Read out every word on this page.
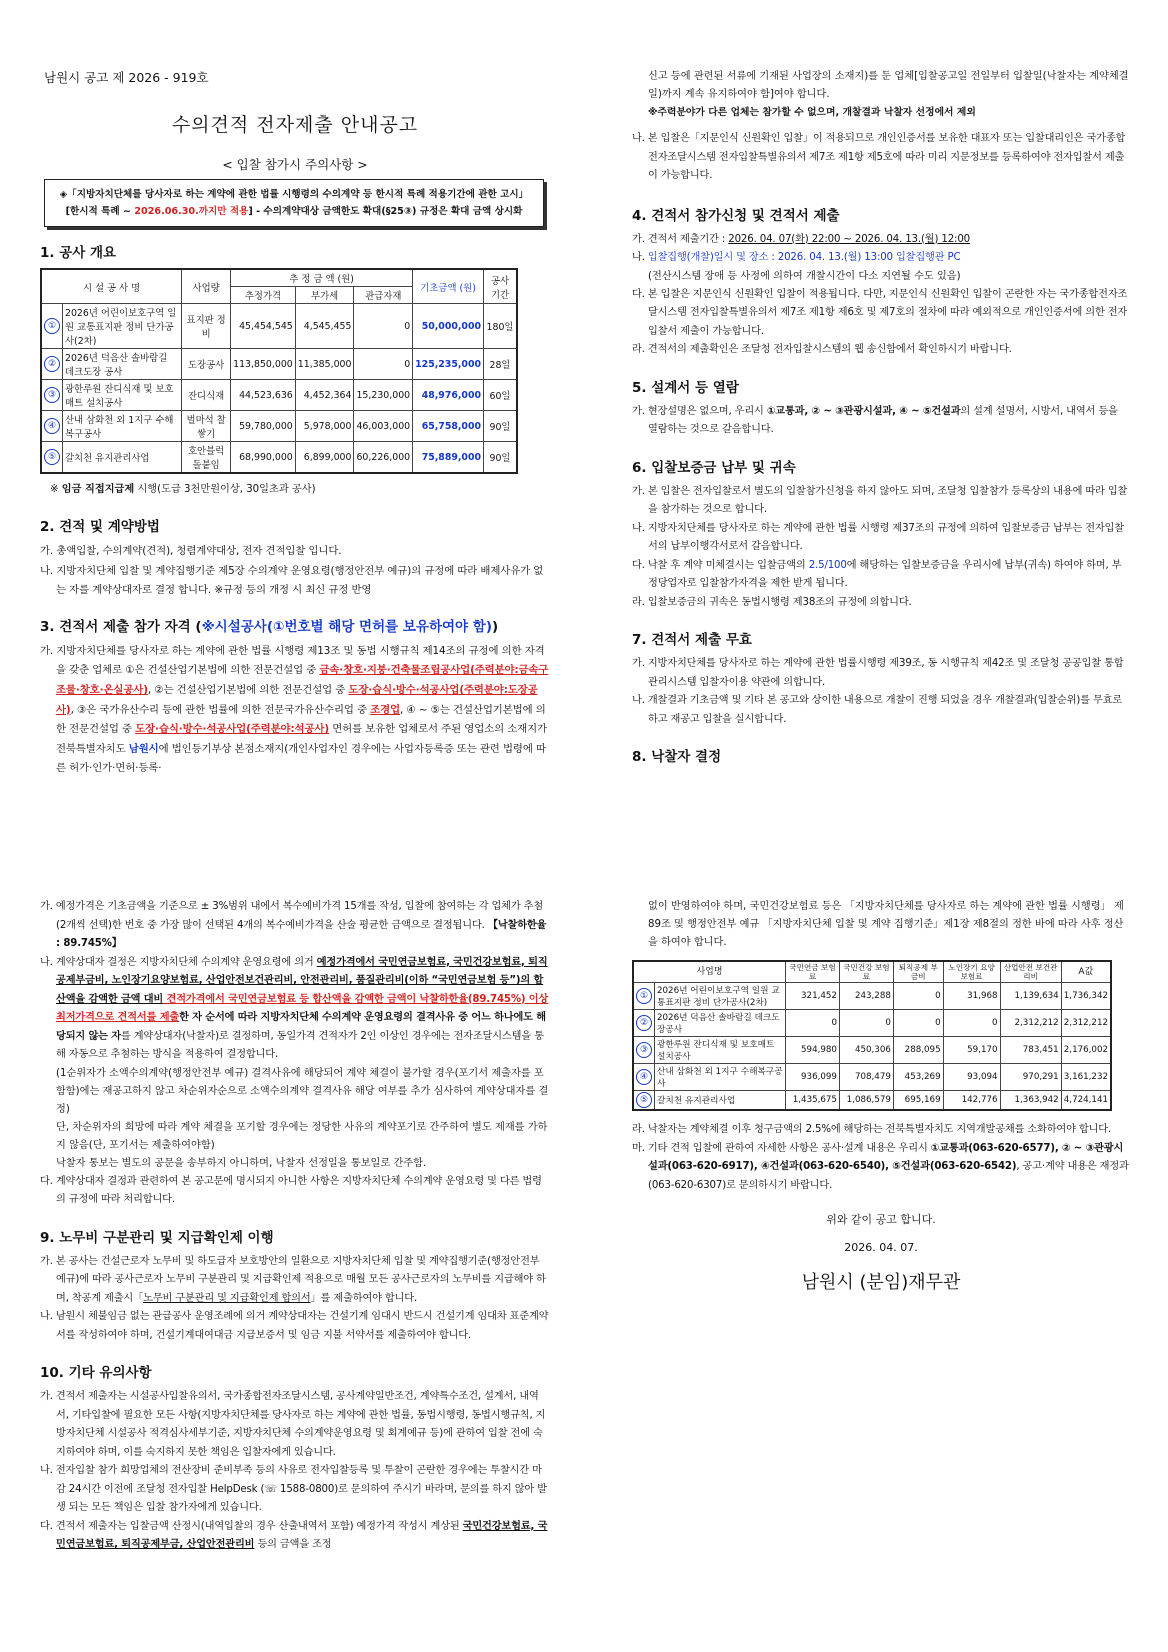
남원시 공고 제 2026 - 919호
수의견적 전자제출 안내공고
< 입찰 참가시 주의사항 >
◈「지방자치단체를 당사자로 하는 계약에 관한 법률 시행령의 수의계약 등 한시적 특례 적용기간에 관한 고시」
[한시적 특례 ~ 2026.06.30.까지만 적용] - 수의계약대상 금액한도 확대(§25③) 규정은 확대 금액 상시화
1. 공사 개요
시 설 공 사 명		사업량	추 정 금 액 (원)			기초금액 (원)	공사 기간
			추정가격	부가세	관급자재		
①	2026년 어린이보호구역 일원 교통표지판 정비 단가공사(2차)	표지판 정비	45,454,545	4,545,455	0	50,000,000	180일
②	2026년 덕음산 솔바람길 데크도장 공사	도장공사	113,850,000	11,385,000	0	125,235,000	28일
③	광한루원 잔디식재 및 보호매트 설치공사	잔디식재	44,523,636	4,452,364	15,230,000	48,976,000	60일
④	산내 삼화천 외 1지구 수해복구공사	벌마석 찰쌓기	59,780,000	5,978,000	46,003,000	65,758,000	90일
⑤	갈치천 유지관리사업	호안블럭 돌붙임	68,990,000	6,899,000	60,226,000	75,889,000	90일
※ 임금 직접지급제 시행(도급 3천만원이상, 30일초과 공사)
2. 견적 및 계약방법

가. 총액입찰, 수의계약(견적), 청렴계약대상, 전자 견적입찰 입니다.

나. 지방자치단체 입찰 및 계약집행기준 제5장 수의계약 운영요령(행정안전부 예규)의 규정에 따라 배제사유가 없는 자를 계약상대자로 결정 합니다. ※규정 등의 개정 시 최신 규정 반영

3. 견적서 제출 참가 자격 (※시설공사(①번호별 해당 면허를 보유하여야 함))

가. 지방자치단체를 당사자로 하는 계약에 관한 법률 시행령 제13조 및 동법 시행규칙 제14조의 규정에 의한 자격을 갖춘 업체로 ①은 건설산업기본법에 의한 전문건설업 중 금속·창호·지붕·건축물조립공사업(주력분야:금속구조물·창호·온실공사), ②는 건설산업기본법에 의한 전문건설업 중 도장·습식·방수·석공사업(주력분야:도장공사), ③은 국가유산수리 등에 관한 법률에 의한 전문국가유산수리업 중 조경업, ④ ~ ⑤는 건설산업기본법에 의한 전문건설업 중 도장·습식·방수·석공사업(주력분야:석공사) 면허를 보유한 업체로서 주된 영업소의 소재지가 전북특별자치도 남원시에 법인등기부상 본점소재지(개인사업자인 경우에는 사업자등록증 또는 관련 법령에 따른 허가·인가·면허·등록·

신고 등에 관련된 서류에 기재된 사업장의 소재지)를 둔 업체[입찰공고일 전일부터 입찰일(낙찰자는 계약체결일)까지 계속 유지하여야 함]여야 합니다.

※주력분야가 다른 업체는 참가할 수 없으며, 개찰결과 낙찰자 선정에서 제외

나. 본 입찰은「지문인식 신원확인 입찰」이 적용되므로 개인인증서를 보유한 대표자 또는 입찰대리인은 국가종합전자조달시스템 전자입찰특별유의서 제7조 제1항 제5호에 따라 미리 지문정보를 등록하여야 전자입찰서 제출이 가능합니다.

4. 견적서 참가신청 및 견적서 제출

가. 견적서 제출기간 : 2026. 04. 07(화) 22:00 ~ 2026. 04. 13.(월) 12:00

나. 입찰집행(개찰)일시 및 장소 : 2026. 04. 13.(월) 13:00 입찰집행관 PC

(전산시스템 장애 등 사정에 의하여 개찰시간이 다소 지연될 수도 있음)

다. 본 입찰은 지문인식 신원확인 입찰이 적용됩니다. 다만, 지문인식 신원확인 입찰이 곤란한 자는 국가종합전자조달시스템 전자입찰특별유의서 제7조 제1항 제6호 및 제7호의 절차에 따라 예외적으로 개인인증서에 의한 전자입찰서 제출이 가능합니다.

라. 견적서의 제출확인은 조달청 전자입찰시스템의 웹 송신함에서 확인하시기 바랍니다.

5. 설계서 등 열람

가. 현장설명은 없으며, 우리시 ①교통과, ② ~ ③관광시설과, ④ ~ ⑤건설과의 설계 설명서, 시방서, 내역서 등을 열람하는 것으로 갈음합니다.

6. 입찰보증금 납부 및 귀속

가. 본 입찰은 전자입찰로서 별도의 입찰참가신청을 하지 않아도 되며, 조달청 입찰참가 등록상의 내용에 따라 입찰을 참가하는 것으로 합니다.

나. 지방자치단체를 당사자로 하는 계약에 관한 법률 시행령 제37조의 규정에 의하여 입찰보증금 납부는 전자입찰서의 납부이행각서로서 갈음합니다.

다. 낙찰 후 계약 미체결시는 입찰금액의 2.5/100에 해당하는 입찰보증금을 우리시에 납부(귀속) 하여야 하며, 부정당업자로 입찰참가자격을 제한 받게 됩니다.

라. 입찰보증금의 귀속은 동법시행령 제38조의 규정에 의합니다.

7. 견적서 제출 무효

가. 지방자치단체를 당사자로 하는 계약에 관한 법률시행령 제39조, 동 시행규칙 제42조 및 조달청 공공입찰 통합관리시스템 입찰자이용 약관에 의합니다.

나. 개찰결과 기초금액 및 기타 본 공고와 상이한 내용으로 개찰이 진행 되었을 경우 개찰결과(입찰순위)를 무효로 하고 재공고 입찰을 실시합니다.

8. 낙찰자 결정

가. 예정가격은 기초금액을 기준으로 ± 3%범위 내에서 복수예비가격 15개를 작성, 입찰에 참여하는 각 업체가 추첨(2개씩 선택)한 번호 중 가장 많이 선택된 4개의 복수예비가격을 산술 평균한 금액으로 결정됩니다. 【낙찰하한율 : 89.745%】

나. 계약상대자 결정은 지방자치단체 수의계약 운영요령에 의거 예정가격에서 국민연금보험료, 국민건강보험료, 퇴직공제부금비, 노인장기요양보험료, 산업안전보건관리비, 안전관리비, 품질관리비(이하 “국민연금보험 등”)의 합산액을 감액한 금액 대비 견적가격에서 국민연금보험료 등 합산액을 감액한 금액이 낙찰하한율(89.745%) 이상 최저가격으로 견적서를 제출한 자 순서에 따라 지방자치단체 수의계약 운영요령의 결격사유 중 어느 하나에도 해당되지 않는 자를 계약상대자(낙찰자)로 결정하며, 동일가격 견적자가 2인 이상인 경우에는 전자조달시스템을 통해 자동으로 추첨하는 방식을 적용하여 결정합니다.

(1순위자가 소액수의계약(행정안전부 예규) 결격사유에 해당되어 계약 체결이 불가할 경우(포기서 제출자를 포함함)에는 재공고하지 않고 차순위자순으로 소액수의계약 결격사유 해당 여부를 추가 심사하여 계약상대자를 결정)
단, 차순위자의 희망에 따라 계약 체결을 포기할 경우에는 정당한 사유의 계약포기로 간주하여 별도 제재를 가하지 않음(단, 포기서는 제출하여야함)
낙찰자 통보는 별도의 공문을 송부하지 아니하며, 낙찰자 선정일을 통보일로 간주함.

다. 계약상대자 결정과 관련하여 본 공고문에 명시되지 아니한 사항은 지방자치단체 수의계약 운영요령 및 다른 법령의 규정에 따라 처리합니다.

9. 노무비 구분관리 및 지급확인제 이행

가. 본 공사는 건설근로자 노무비 및 하도급자 보호방안의 일환으로 지방자치단체 입찰 및 계약집행기준(행정안전부 예규)에 따라 공사근로자 노무비 구분관리 및 지급확인제 적용으로 매월 모든 공사근로자의 노무비를 지급해야 하며, 착공계 제출시「노무비 구분관리 및 지급확인제 합의서」를 제출하여야 합니다.

나. 남원시 체불임금 없는 관급공사 운영조례에 의거 계약상대자는 건설기계 임대시 반드시 건설기계 임대차 표준계약서를 작성하여야 하며, 건설기계대여대금 지급보증서 및 임금 지불 서약서를 제출하여야 합니다.

10. 기타 유의사항

가. 견적서 제출자는 시설공사입찰유의서, 국가종합전자조달시스템, 공사계약일반조건, 계약특수조건, 설계서, 내역서, 기타입찰에 필요한 모든 사항(지방자치단체를 당사자로 하는 계약에 관한 법률, 동법시행령, 동법시행규칙, 지방자치단체 시설공사 적격심사세부기준, 지방자치단체 수의계약운영요령 및 회계예규 등)에 관하여 입찰 전에 숙지하여야 하며, 이를 숙지하지 못한 책임은 입찰자에게 있습니다.

나. 전자입찰 참가 희망업체의 전산장비 준비부족 등의 사유로 전자입찰등록 및 투찰이 곤란한 경우에는 투찰시간 마감 24시간 이전에 조달청 전자입찰 HelpDesk (☏ 1588-0800)로 문의하여 주시기 바라며, 문의를 하지 않아 발생 되는 모든 책임은 입찰 참가자에게 있습니다.

다. 견적서 제출자는 입찰금액 산정시(내역입찰의 경우 산출내역서 포함) 예정가격 작성시 계상된 국민건강보험료, 국민연금보험료, 퇴직공제부금, 산업안전관리비 등의 금액을 조정

없이 반영하여야 하며, 국민건강보험료 등은 「지방자치단체를 당사자로 하는 계약에 관한 법률 시행령」 제89조 및 행정안전부 예규 「지방자치단체 입찰 및 계약 집행기준」제1장 제8절의 정한 바에 따라 사후 정산을 하여야 합니다.

사업명		국민연금 보험료	국민건강 보험료	퇴직공제 부금비	노인장기 요양보험료	산업안전 보건관리비	A값
①	2026년 어린이보호구역 일원 교통표지판 정비 단가공사(2차)	321,452	243,288	0	31,968	1,139,634	1,736,342
②	2026년 덕음산 솔바람길 데크도장공사	0	0	0	0	2,312,212	2,312,212
③	광한루원 잔디식재 및 보호매트 설치공사	594,980	450,306	288,095	59,170	783,451	2,176,002
④	산내 삼화천 외 1지구 수해복구공사	936,099	708,479	453,269	93,094	970,291	3,161,232
⑤	갈치천 유지관리사업	1,435,675	1,086,579	695,169	142,776	1,363,942	4,724,141

라. 낙찰자는 계약체결 이후 청구금액의 2.5%에 해당하는 전북특별자치도 지역개발공채를 소화하여야 합니다.

마. 기타 견적 입찰에 관하여 자세한 사항은 공사·설계 내용은 우리시 ①교통과(063-620-6577), ② ~ ③관광시설과(063-620-6917), ④건설과(063-620-6540), ⑤건설과(063-620-6542), 공고·계약 내용은 재정과(063-620-6307)로 문의하시기 바랍니다.

위와 같이 공고 합니다.
2026. 04. 07.
남원시 (분임)재무관
